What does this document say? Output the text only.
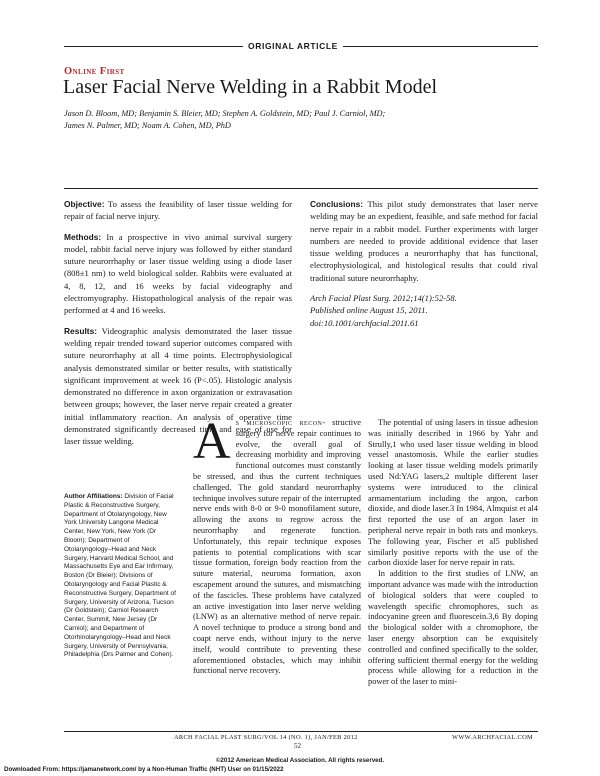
ORIGINAL ARTICLE
Online First
Laser Facial Nerve Welding in a Rabbit Model
Jason D. Bloom, MD; Benjamin S. Bleier, MD; Stephen A. Goldstein, MD; Paul J. Carniol, MD;
James N. Palmer, MD; Noam A. Cohen, MD, PhD

Objective: To assess the feasibility of laser tissue welding for repair of facial nerve injury.

Methods: In a prospective in vivo animal survival surgery model, rabbit facial nerve injury was followed by either standard suture neurorrhaphy or laser tissue welding using a diode laser (808±1 nm) to weld biological solder. Rabbits were evaluated at 4, 8, 12, and 16 weeks by facial videography and electromyography. Histopathological analysis of the repair was performed at 4 and 16 weeks.

Results: Videographic analysis demonstrated the laser tissue welding repair trended toward superior outcomes compared with suture neurorrhaphy at all 4 time points. Electrophysiological analysis demonstrated similar or better results, with statistically significant improvement at week 16 (P<.05). Histologic analysis demonstrated no difference in axon organization or extravasation between groups; however, the laser nerve repair created a greater initial inflammatory reaction. An analysis of operative time demonstrated significantly decreased time and ease of use for laser tissue welding.

Conclusions: This pilot study demonstrates that laser nerve welding may be an expedient, feasible, and safe method for facial nerve repair in a rabbit model. Further experiments with larger numbers are needed to provide additional evidence that laser tissue welding produces a neurorrhaphy that has functional, electrophysiological, and histological results that could rival traditional suture neurorrhaphy.

Arch Facial Plast Surg. 2012;14(1):52-58.
Published online August 15, 2011.
doi:10.1001/archfacial.2011.61
Author Affiliations: Division of Facial Plastic & Reconstructive Surgery, Department of Otolaryngology, New York University Langone Medical Center, New York, New York (Dr Bloom); Department of Otolaryngology–Head and Neck Surgery, Harvard Medical School, and Massachusetts Eye and Ear Infirmary, Boston (Dr Bleier); Divisions of Otolaryngology and Facial Plastic & Reconstructive Surgery, Department of Surgery, University of Arizona, Tucson (Dr Goldstein); Carniol Research Center, Summit, New Jersey (Dr Carniol); and Department of Otorhinolaryngology–Head and Neck Surgery, University of Pennsylvania, Philadelphia (Drs Palmer and Cohen).
As microscopic recon- structive surgery for nerve repair continues to evolve, the overall goal of decreasing morbidity and improving functional outcomes must constantly be stressed, and thus the current techniques challenged. The gold standard neurorrhaphy technique involves suture repair of the interrupted nerve ends with 8-0 or 9-0 monofilament suture, allowing the axons to regrow across the neurorrhaphy and regenerate function. Unfortunately, this repair technique exposes patients to potential complications with scar tissue formation, foreign body reaction from the suture material, neuroma formation, axon escapement around the sutures, and mismatching of the fascicles. These problems have catalyzed an active investigation into laser nerve welding (LNW) as an alternative method of nerve repair. A novel technique to produce a strong bond and coapt nerve ends, without injury to the nerve itself, would contribute to preventing these aforementioned obstacles, which may inhibit functional nerve recovery.

The potential of using lasers in tissue adhesion was initially described in 1966 by Yahr and Strully,1 who used laser tissue welding in blood vessel anastomosis. While the earlier studies looking at laser tissue welding models primarily used Nd:YAG lasers,2 multiple different laser systems were introduced to the clinical armamentarium including the argon, carbon dioxide, and diode laser.3 In 1984, Almquist et al4 first reported the use of an argon laser in peripheral nerve repair in both rats and monkeys. The following year, Fischer et al5 published similarly positive reports with the use of the carbon dioxide laser for nerve repair in rats.

In addition to the first studies of LNW, an important advance was made with the introduction of biological solders that were coupled to wavelength specific chromophores, such as indocyanine green and fluorescein.3,6 By doping the biological solder with a chromophore, the laser energy absorption can be exquisitely controlled and confined specifically to the solder, offering sufficient thermal energy for the welding process while allowing for a reduction in the power of the laser to mini-

ARCH FACIAL PLAST SURG/VOL 14 (NO. 1), JAN/FEB 2012	WWW.ARCHFACIAL.COM
52
©2012 American Medical Association. All rights reserved.
Downloaded From: https://jamanetwork.com/ by a Non-Human Traffic (NHT) User on 01/15/2022
